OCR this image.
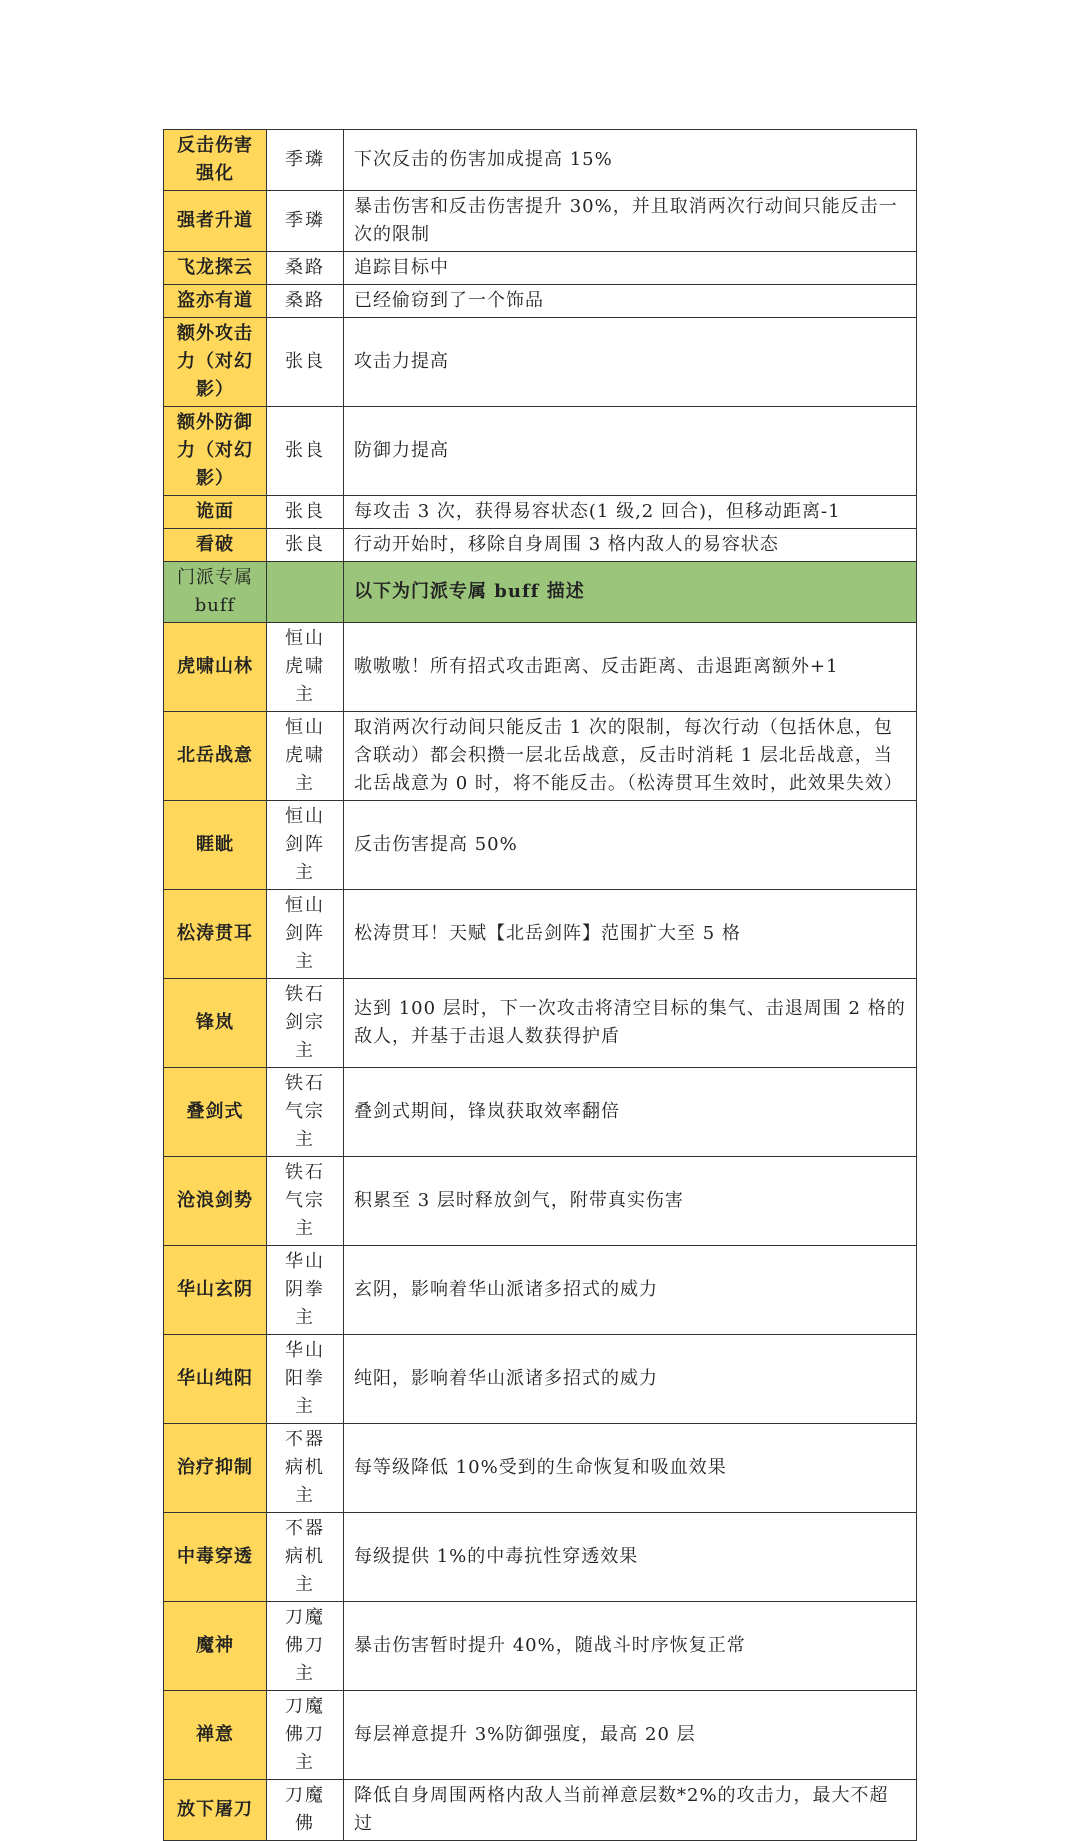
反击伤害强化	季璘	下次反击的伤害加成提高 15%
强者升道	季璘	暴击伤害和反击伤害提升 30%，并且取消两次行动间只能反击一次的限制
飞龙探云	桑路	追踪目标中
盗亦有道	桑路	已经偷窃到了一个饰品
额外攻击力（对幻影）	张良	攻击力提高
额外防御力（对幻影）	张良	防御力提高
诡面	张良	每攻击 3 次，获得易容状态(1 级,2 回合)，但移动距离-1
看破	张良	行动开始时，移除自身周围 3 格内敌人的易容状态
门派专属buff		以下为门派专属 buff 描述
虎啸山林	恒山虎啸主	嗷嗷嗷！所有招式攻击距离、反击距离、击退距离额外+1
北岳战意	恒山虎啸主	取消两次行动间只能反击 1 次的限制，每次行动（包括休息，包含联动）都会积攒一层北岳战意，反击时消耗 1 层北岳战意，当北岳战意为 0 时，将不能反击。（松涛贯耳生效时，此效果失效）
睚眦	恒山剑阵主	反击伤害提高 50%
松涛贯耳	恒山剑阵主	松涛贯耳！天赋【北岳剑阵】范围扩大至 5 格
锋岚	铁石剑宗主	达到 100 层时，下一次攻击将清空目标的集气、击退周围 2 格的敌人，并基于击退人数获得护盾
叠剑式	铁石气宗主	叠剑式期间，锋岚获取效率翻倍
沧浪剑势	铁石气宗主	积累至 3 层时释放剑气，附带真实伤害
华山玄阴	华山阴拳主	玄阴，影响着华山派诸多招式的威力
华山纯阳	华山阳拳主	纯阳，影响着华山派诸多招式的威力
治疗抑制	不器病机主	每等级降低 10%受到的生命恢复和吸血效果
中毒穿透	不器病机主	每级提供 1%的中毒抗性穿透效果
魔神	刀魔佛刀主	暴击伤害暂时提升 40%，随战斗时序恢复正常
禅意	刀魔佛刀主	每层禅意提升 3%防御强度，最高 20 层
放下屠刀	刀魔佛	降低自身周围两格内敌人当前禅意层数*2%的攻击力，最大不超过
